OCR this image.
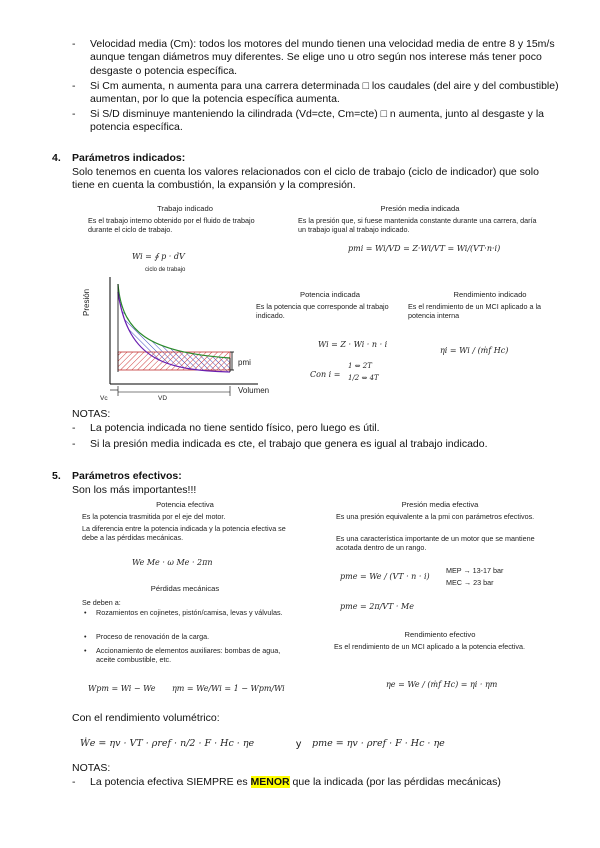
- Velocidad media (Cm): todos los motores del mundo tienen una velocidad media de entre 8 y 15m/s aunque tengan diámetros muy diferentes. Se elige uno u otro según nos interese más tener poco desgaste o potencia específica.
- Si Cm aumenta, n aumenta para una carrera determinada □ los caudales (del aire y del combustible) aumentan, por lo que la potencia específica aumenta.
- Si S/D disminuye manteniendo la cilindrada (Vd=cte, Cm=cte) □ n aumenta, junto al desgaste y la potencia específica.
4. Parámetros indicados:
Solo tenemos en cuenta los valores relacionados con el ciclo de trabajo (ciclo de indicador) que solo tiene en cuenta la combustión, la expansión y la compresión.
Trabajo indicado
Es el trabajo interno obtenido por el fluido de trabajo durante el ciclo de trabajo.
Wi = ∮ p · dV
ciclo de trabajo
Presión media indicada
Es la presión que, si fuese mantenida constante durante una carrera, daría un trabajo igual al trabajo indicado.
pmi = Wi/VD = Z·Wi/VT = Wi/(VT·n·i)
Presión
Volumen
pmi
Vc	VD
Potencia indicada
Es la potencia que corresponde al trabajo indicado.
Wi = Z · Wi · n · i
Con i =
1 ⇔ 2T
1/2 ⇔ 4T
Rendimiento indicado
Es el rendimiento de un MCI aplicado a la potencia interna
ηi = Wi / (ṁf Hc)
NOTAS:
- La potencia indicada no tiene sentido físico, pero luego es útil.
- Si la presión media indicada es cte, el trabajo que genera es igual al trabajo indicado.
5. Parámetros efectivos:
Son los más importantes!!!
Potencia efectiva
Es la potencia trasmitida por el eje del motor.
La diferencia entre la potencia indicada y la potencia efectiva se debe a las pérdidas mecánicas.
We Me · ω Me · 2πn
Pérdidas mecánicas
Se deben a:
• Rozamientos en cojinetes, pistón/camisa, levas y válvulas.
• Proceso de renovación de la carga.
• Accionamiento de elementos auxiliares: bombas de agua, aceite combustible, etc.
Wpm = Wi − We ηm = We/Wi = 1 − Wpm/Wi
Presión media efectiva
Es una presión equivalente a la pmi con parámetros efectivos.
Es una característica importante de un motor que se mantiene acotada dentro de un rango.
pme = We / (VT · n · i)
MEP → 13-17 bar
MEC → 23 bar
pme = 2π/VT · Me
Rendimiento efectivo
Es el rendimiento de un MCI aplicado a la potencia efectiva.
ηe = We / (ṁf Hc) = ηi · ηm
Con el rendimiento volumétrico:
Ẇe = ηv · VT · ρref · n/2 · F · Hc · ηe	y pme = ηv · ρref · F · Hc · ηe
NOTAS:
- La potencia efectiva SIEMPRE es MENOR que la indicada (por las pérdidas mecánicas)
